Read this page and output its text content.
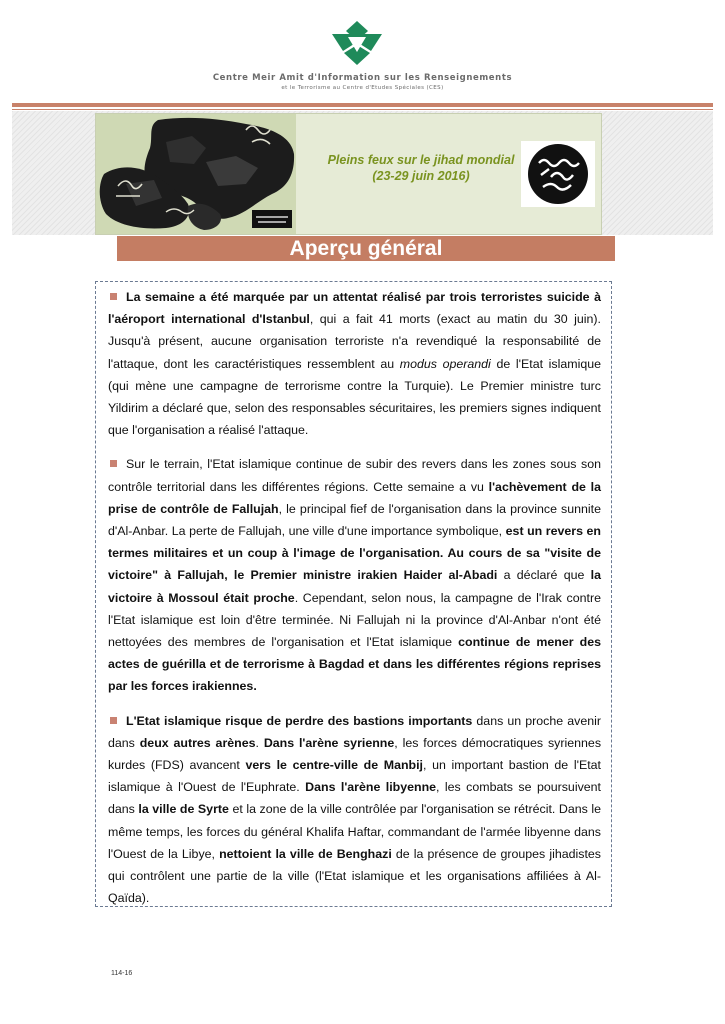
Centre Meir Amit d'Information sur les Renseignements
et le Terrorisme au Centre d'Etudes Spéciales (CES)
Pleins feux sur le jihad mondial
(23-29 juin 2016)
Aperçu général

La semaine a été marquée par un attentat réalisé par trois terroristes suicide à l'aéroport international d'Istanbul, qui a fait 41 morts (exact au matin du 30 juin). Jusqu'à présent, aucune organisation terroriste n'a revendiqué la responsabilité de l'attaque, dont les caractéristiques ressemblent au modus operandi de l'Etat islamique (qui mène une campagne de terrorisme contre la Turquie). Le Premier ministre turc Yildirim a déclaré que, selon des responsables sécuritaires, les premiers signes indiquent que l'organisation a réalisé l'attaque.

Sur le terrain, l'Etat islamique continue de subir des revers dans les zones sous son contrôle territorial dans les différentes régions. Cette semaine a vu l'achèvement de la prise de contrôle de Fallujah, le principal fief de l'organisation dans la province sunnite d'Al-Anbar. La perte de Fallujah, une ville d'une importance symbolique, est un revers en termes militaires et un coup à l'image de l'organisation. Au cours de sa "visite de victoire" à Fallujah, le Premier ministre irakien Haider al-Abadi a déclaré que la victoire à Mossoul était proche. Cependant, selon nous, la campagne de l'Irak contre l'Etat islamique est loin d'être terminée. Ni Fallujah ni la province d'Al-Anbar n'ont été nettoyées des membres de l'organisation et l'Etat islamique continue de mener des actes de guérilla et de terrorisme à Bagdad et dans les différentes régions reprises par les forces irakiennes.

L'Etat islamique risque de perdre des bastions importants dans un proche avenir dans deux autres arènes. Dans l'arène syrienne, les forces démocratiques syriennes kurdes (FDS) avancent vers le centre-ville de Manbij, un important bastion de l'Etat islamique à l'Ouest de l'Euphrate. Dans l'arène libyenne, les combats se poursuivent dans la ville de Syrte et la zone de la ville contrôlée par l'organisation se rétrécit. Dans le même temps, les forces du général Khalifa Haftar, commandant de l'armée libyenne dans l'Ouest de la Libye, nettoient la ville de Benghazi de la présence de groupes jihadistes qui contrôlent une partie de la ville (l'Etat islamique et les organisations affiliées à Al-Qaïda).

114-16
